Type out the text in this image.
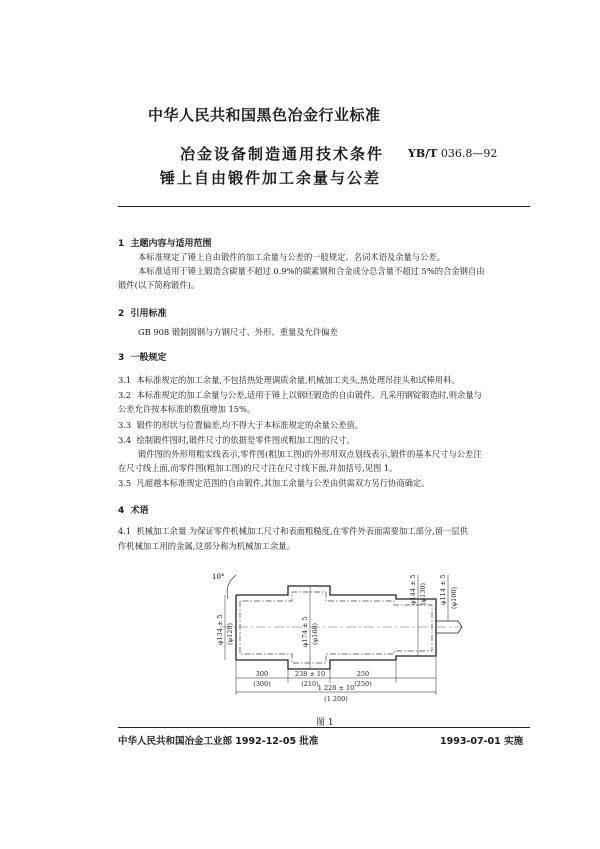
中华人民共和国黑色冶金行业标准
冶金设备制造通用技术条件
锤上自由锻件加工余量与公差
YB/T 036.8—92
1 主题内容与适用范围
本标准规定了锤上自由锻件的加工余量与公差的一般规定、名词术语及余量与公差。
本标准适用于锤上锻造含碳量不超过 0.9%的碳素钢和合金成分总含量不超过 5%的合金钢自由
锻件(以下简称锻件)。
2 引用标准
GB 908 锻制圆钢与方钢尺寸、外形、重量及允许偏差
3 一般规定
3.1 本标准规定的加工余量,不包括热处理调质余量,机械加工夹头,热处理吊挂头和试棒用料。
3.2 本标准规定的加工余量与公差,适用于锤上以钢坯锻造的自由锻件。凡采用钢锭锻造时,则余量与
公差允许按本标准的数值增加 15%。
3.3 锻件的形状与位置偏差,均不得大于本标准规定的余量公差值。
3.4 绘制锻件图时,锻件尺寸的依据是零件图或粗加工图的尺寸。
锻件图的外形用粗实线表示,零件图(粗加工图)的外形用双点划线表示,锻件的基本尺寸与公差注
在尺寸线上面,而零件图(粗加工图)的尺寸注在尺寸线下面,并加括号,见图 1。
3.5 凡超越本标准规定范围的自由锻件,其加工余量与公差由供需双方另行协商确定。
4 术语
4.1 机械加工余量 为保证零件机械加工尺寸和表面粗糙度,在零件外表面需要加工部分,留一层供
作机械加工用的金属,这部分称为机械加工余量。
10°
φ134 ± 5 (φ120)	φ174 ± 5 (φ160)
φ144 ± 5 (φ130) φ114 ± 5 (φ100)
300
(300)
238 ± 10
(210)
250
(250)
1 228 ± 10
(1 200)
图 1
中华人民共和国冶金工业部 1992-12-05 批准	1993-07-01 实施
